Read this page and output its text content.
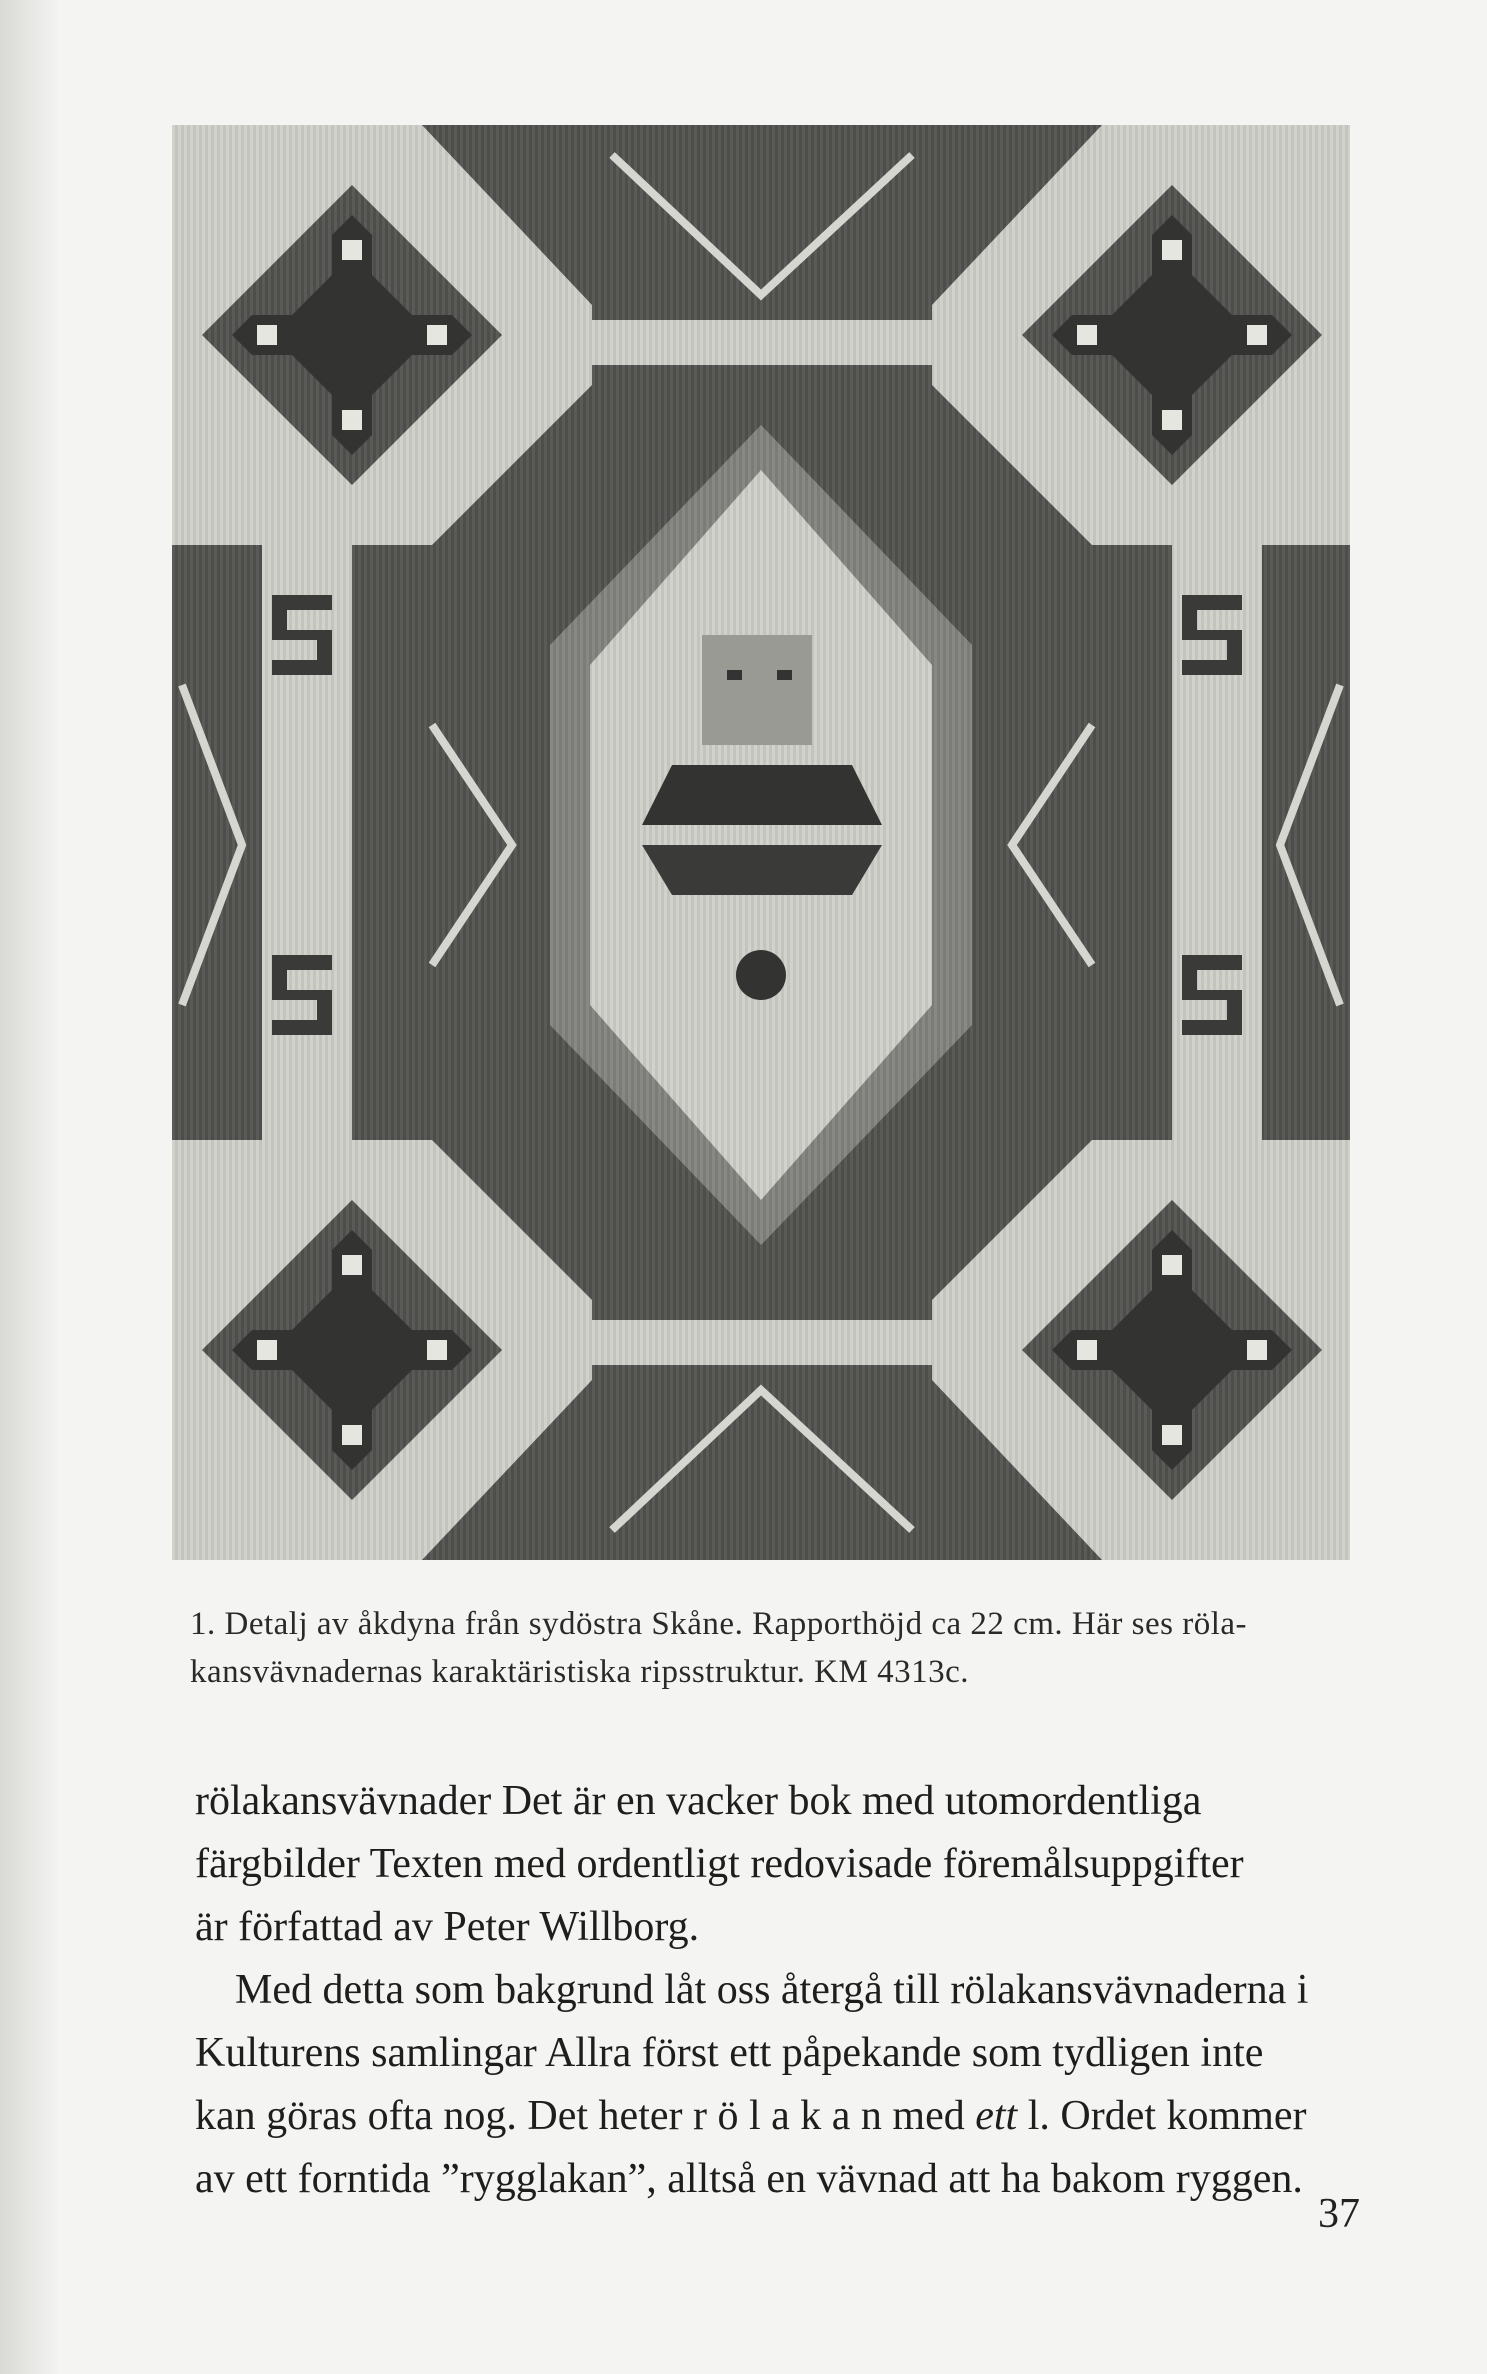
1. Detalj av åkdyna från sydöstra Skåne. Rapporthöjd ca 22 cm. Här ses röla-
kansvävnadernas karaktäristiska ripsstruktur. KM 4313c.

rölakansvävnader Det är en vacker bok med utomordentliga
färgbilder Texten med ordentligt redovisade föremålsuppgifter
är författad av Peter Willborg.

Med detta som bakgrund låt oss återgå till rölakansvävnaderna i
Kulturens samlingar Allra först ett påpekande som tydligen inte
kan göras ofta nog. Det heter r ö l a k a n med ett l. Ordet kommer
av ett forntida ”rygglakan”, alltså en vävnad att ha bakom ryggen.

37
